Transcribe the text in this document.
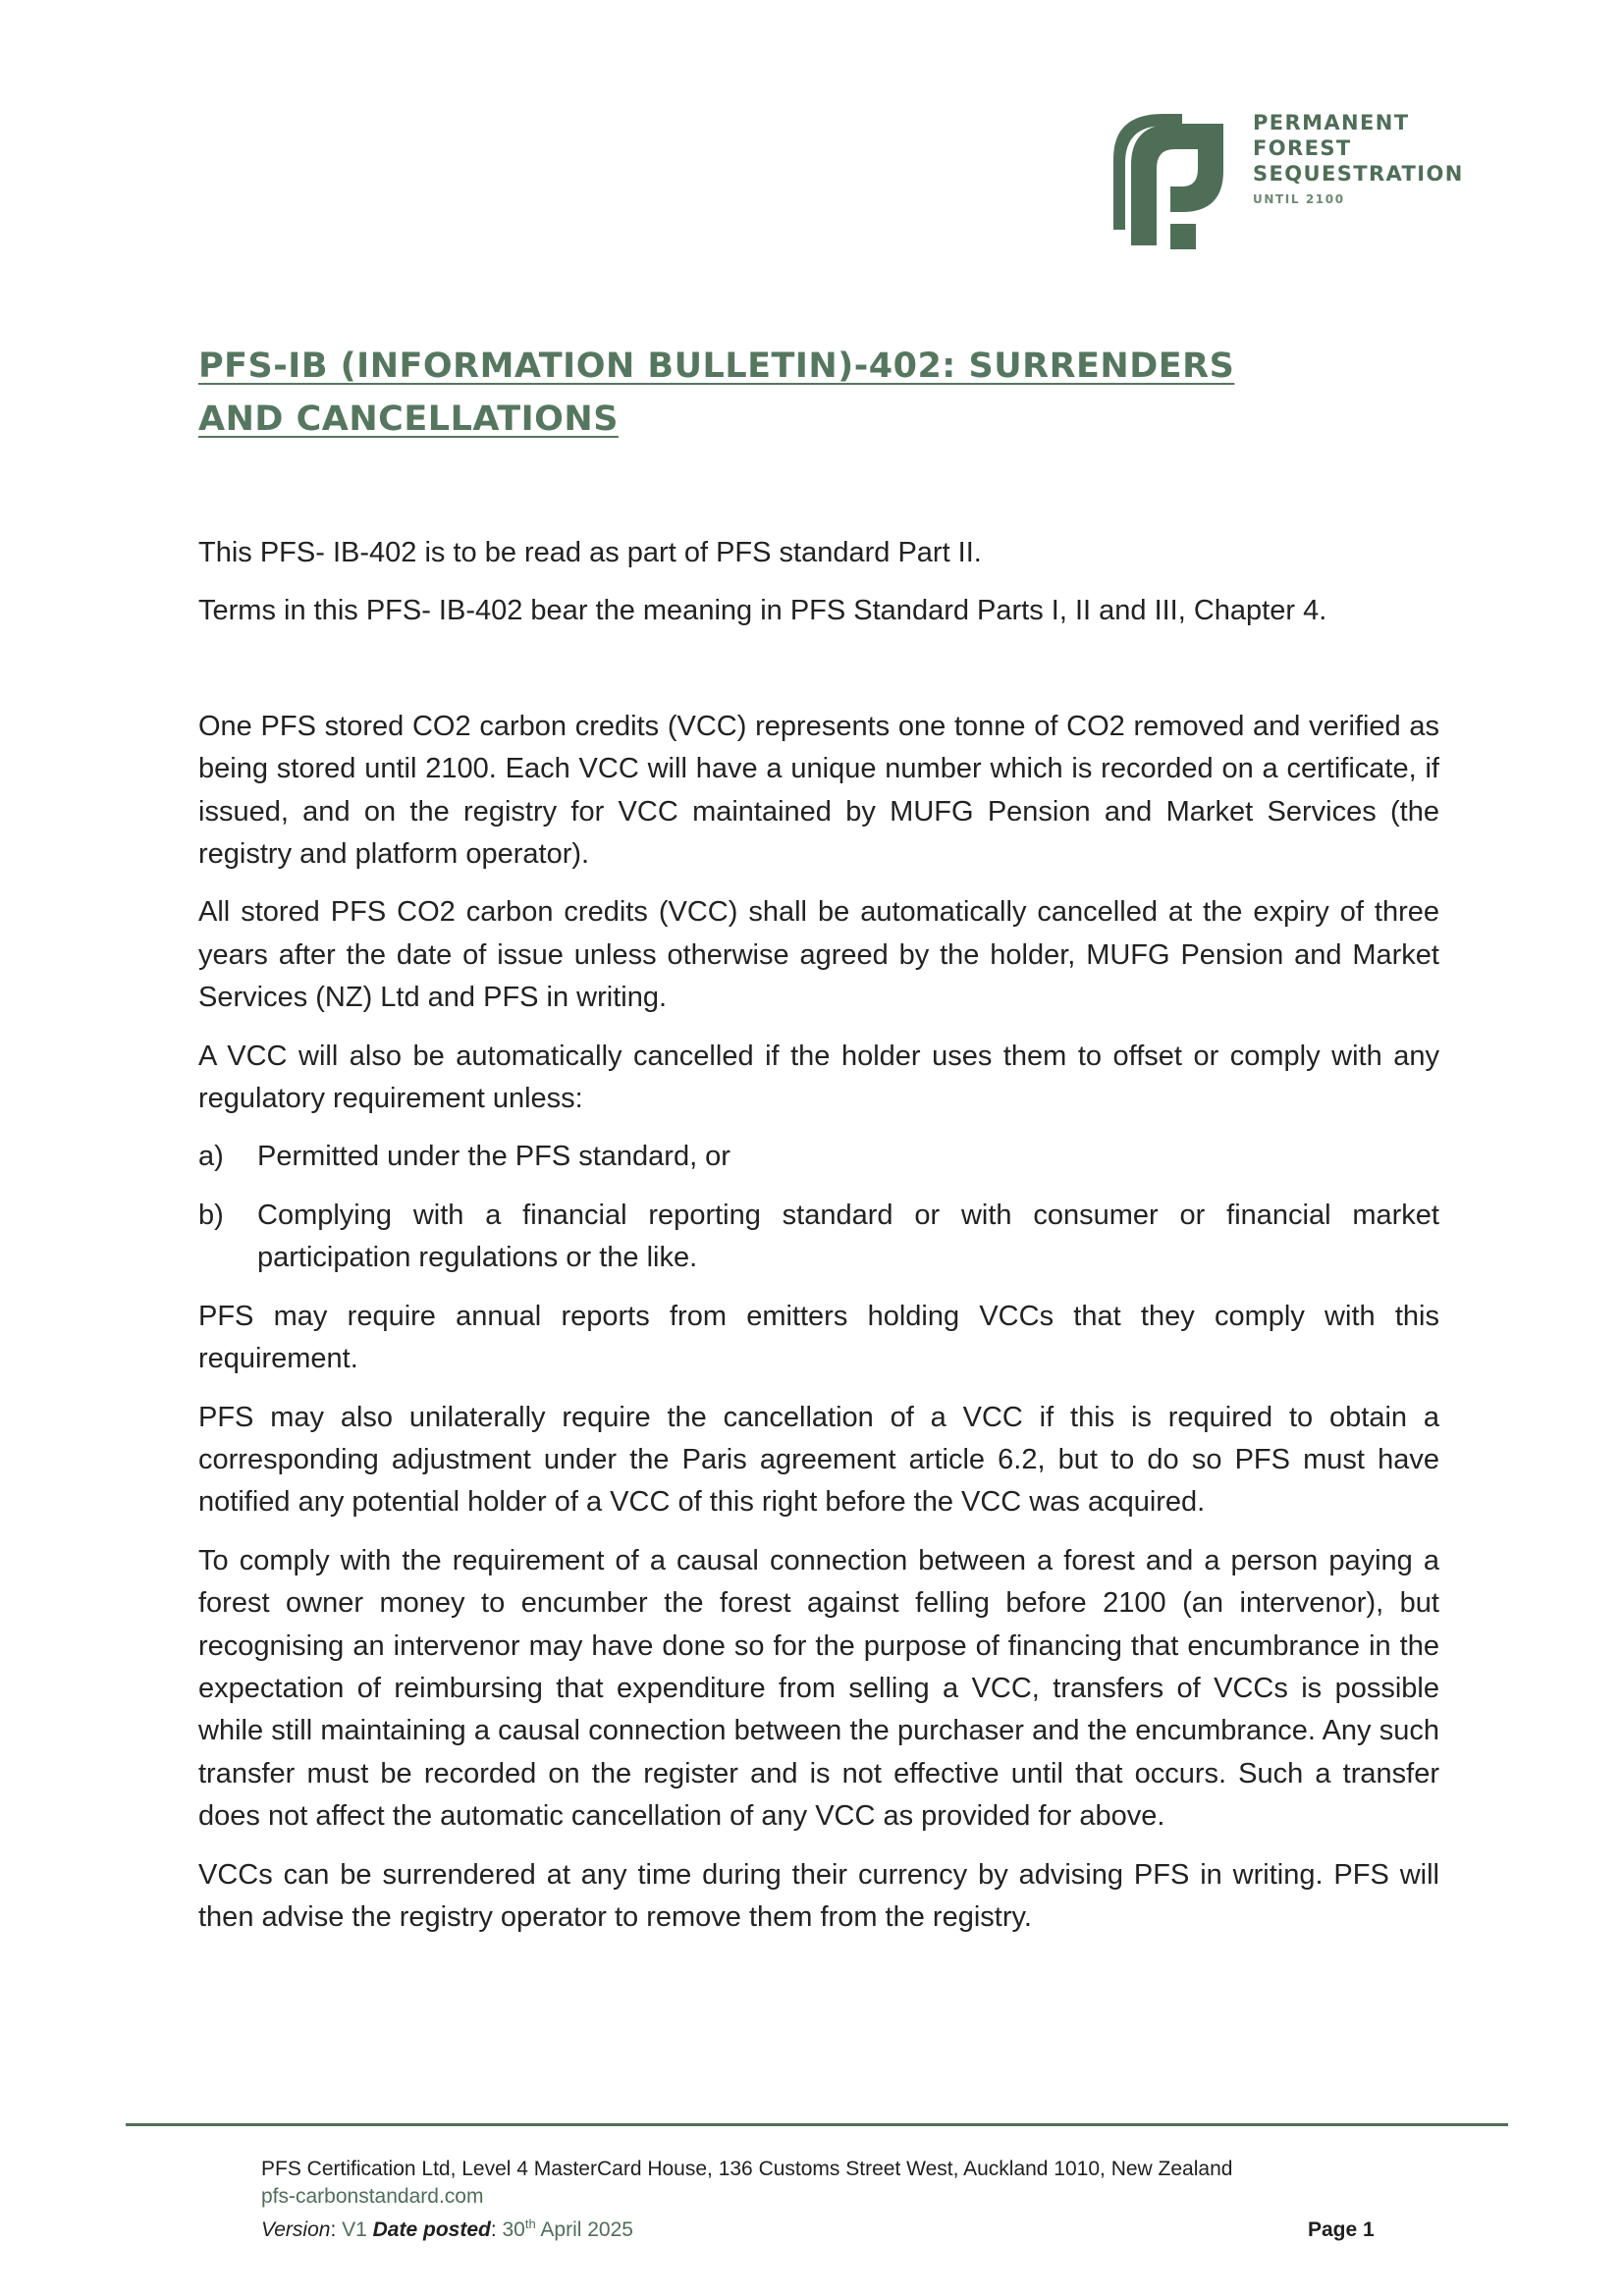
PERMANENT
FOREST
SEQUESTRATION
UNTIL 2100
PFS-IB (INFORMATION BULLETIN)-402: SURRENDERS AND CANCELLATIONS

This PFS- IB-402 is to be read as part of PFS standard Part II.

Terms in this PFS- IB-402 bear the meaning in PFS Standard Parts I, II and III, Chapter 4.

One PFS stored CO2 carbon credits (VCC) represents one tonne of CO2 removed and verified as being stored until 2100. Each VCC will have a unique number which is recorded on a certificate, if issued, and on the registry for VCC maintained by MUFG Pension and Market Services (the registry and platform operator).

All stored PFS CO2 carbon credits (VCC) shall be automatically cancelled at the expiry of three years after the date of issue unless otherwise agreed by the holder, MUFG Pension and Market Services (NZ) Ltd and PFS in writing.

A VCC will also be automatically cancelled if the holder uses them to offset or comply with any regulatory requirement unless:

a)	Permitted under the PFS standard, or
b)	Complying with a financial reporting standard or with consumer or financial market participation regulations or the like.

PFS may require annual reports from emitters holding VCCs that they comply with this requirement.

PFS may also unilaterally require the cancellation of a VCC if this is required to obtain a corresponding adjustment under the Paris agreement article 6.2, but to do so PFS must have notified any potential holder of a VCC of this right before the VCC was acquired.

To comply with the requirement of a causal connection between a forest and a person paying a forest owner money to encumber the forest against felling before 2100 (an intervenor), but recognising an intervenor may have done so for the purpose of financing that encumbrance in the expectation of reimbursing that expenditure from selling a VCC, transfers of VCCs is possible while still maintaining a causal connection between the purchaser and the encumbrance. Any such transfer must be recorded on the register and is not effective until that occurs. Such a transfer does not affect the automatic cancellation of any VCC as provided for above.

VCCs can be surrendered at any time during their currency by advising PFS in writing. PFS will then advise the registry operator to remove them from the registry.

PFS Certification Ltd, Level 4 MasterCard House, 136 Customs Street West, Auckland 1010, New Zealand
pfs-carbonstandard.com
Version: V1 Date posted: 30th April 2025	Page 1
